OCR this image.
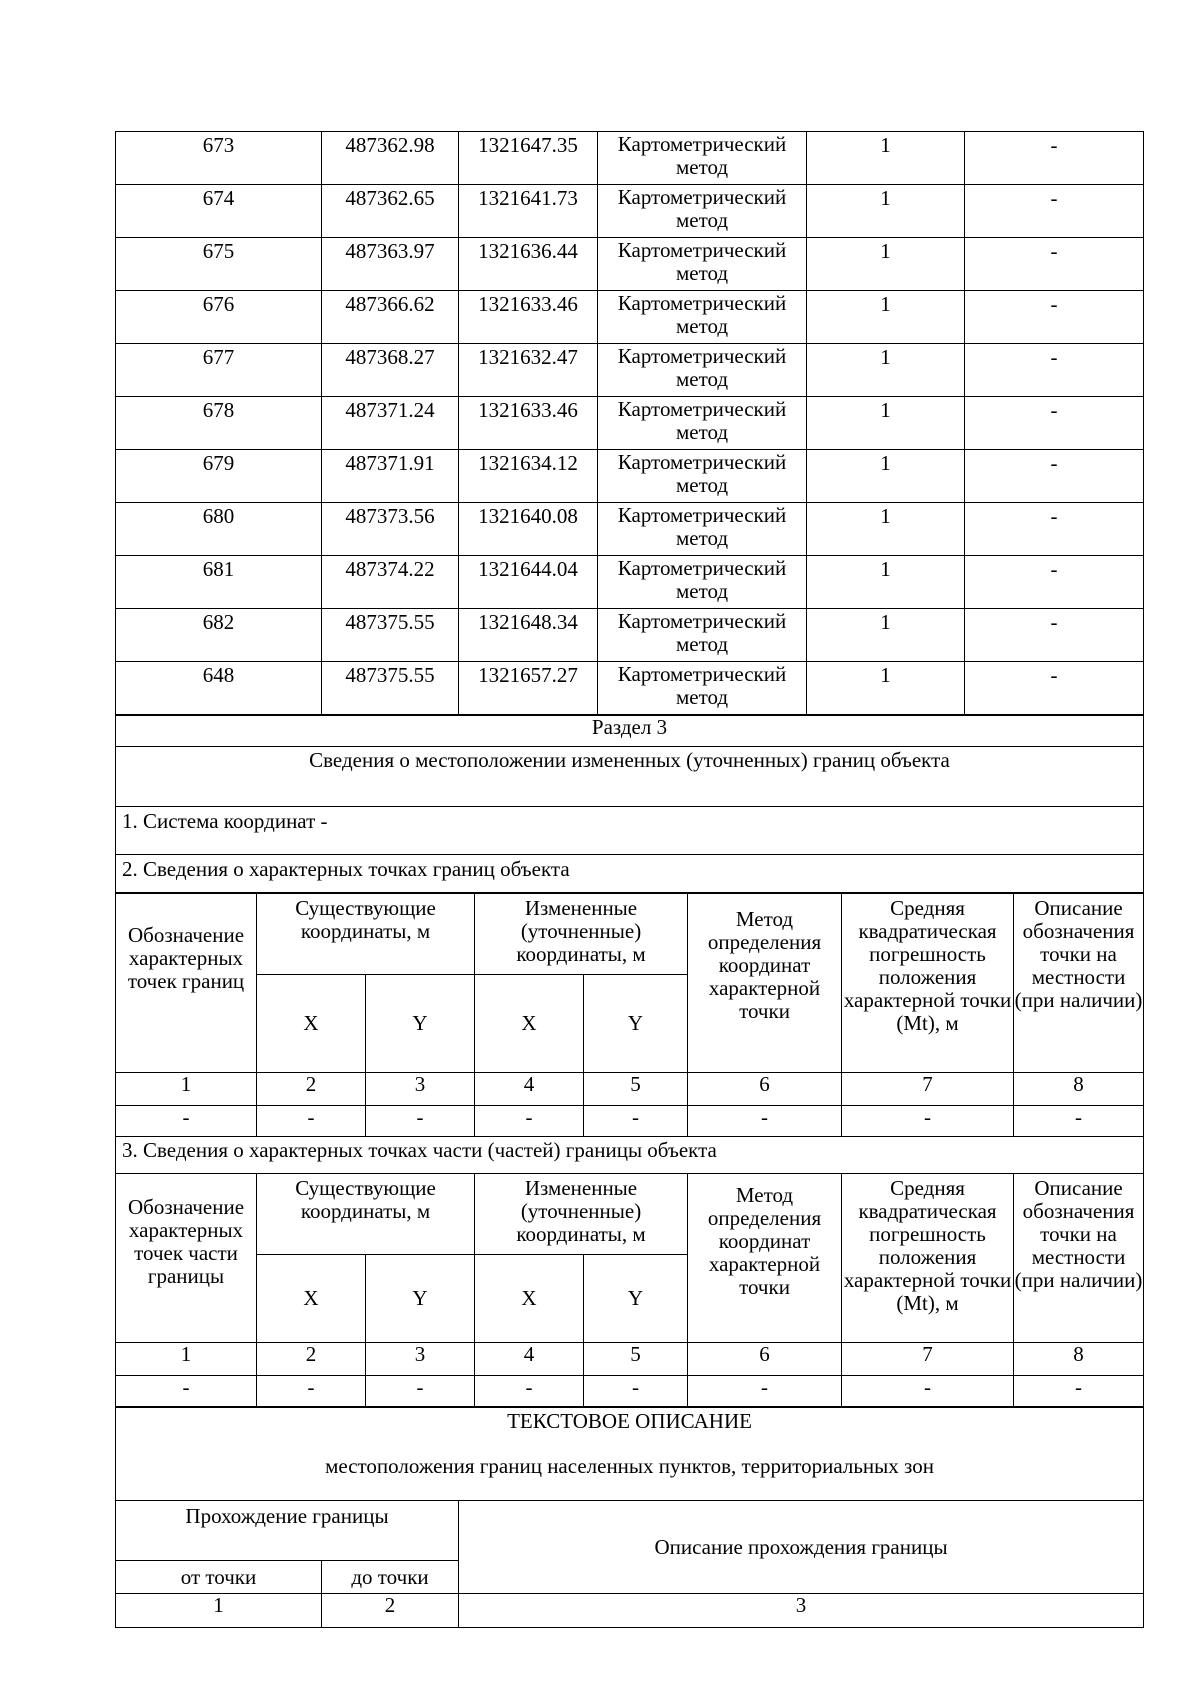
673	487362.98	1321647.35	Картометрический метод	1	-
674	487362.65	1321641.73	Картометрический метод	1	-
675	487363.97	1321636.44	Картометрический метод	1	-
676	487366.62	1321633.46	Картометрический метод	1	-
677	487368.27	1321632.47	Картометрический метод	1	-
678	487371.24	1321633.46	Картометрический метод	1	-
679	487371.91	1321634.12	Картометрический метод	1	-
680	487373.56	1321640.08	Картометрический метод	1	-
681	487374.22	1321644.04	Картометрический метод	1	-
682	487375.55	1321648.34	Картометрический метод	1	-
648	487375.55	1321657.27	Картометрический метод	1	-
Раздел 3
Сведения о местоположении измененных (уточненных) границ объекта
1. Система координат -
2. Сведения о характерных точках границ объекта
Обозначение характерных точек границ	Существующие координаты, м		Измененные (уточненные) координаты, м		Метод определения координат характерной точки	Средняя квадратическая погрешность положения характерной точки (Mt), м	Описание обозначения точки на местности (при наличии)
	X	Y	X	Y			
1	2	3	4	5	6	7	8
-	-	-	-	-	-	-	-
3. Сведения о характерных точках части (частей) границы объекта							
Обозначение характерных точек части границы	Существующие координаты, м		Измененные (уточненные) координаты, м		Метод определения координат характерной точки	Средняя квадратическая погрешность положения характерной точки (Mt), м	Описание обозначения точки на местности (при наличии)
	X	Y	X	Y			
1	2	3	4	5	6	7	8
-	-	-	-	-	-	-	-
ТЕКСТОВОЕ ОПИСАНИЕ
местоположения границ населенных пунктов, территориальных зон		

Прохождение границы		Описание прохождения границы
от точки	до точки	
1	2	3
